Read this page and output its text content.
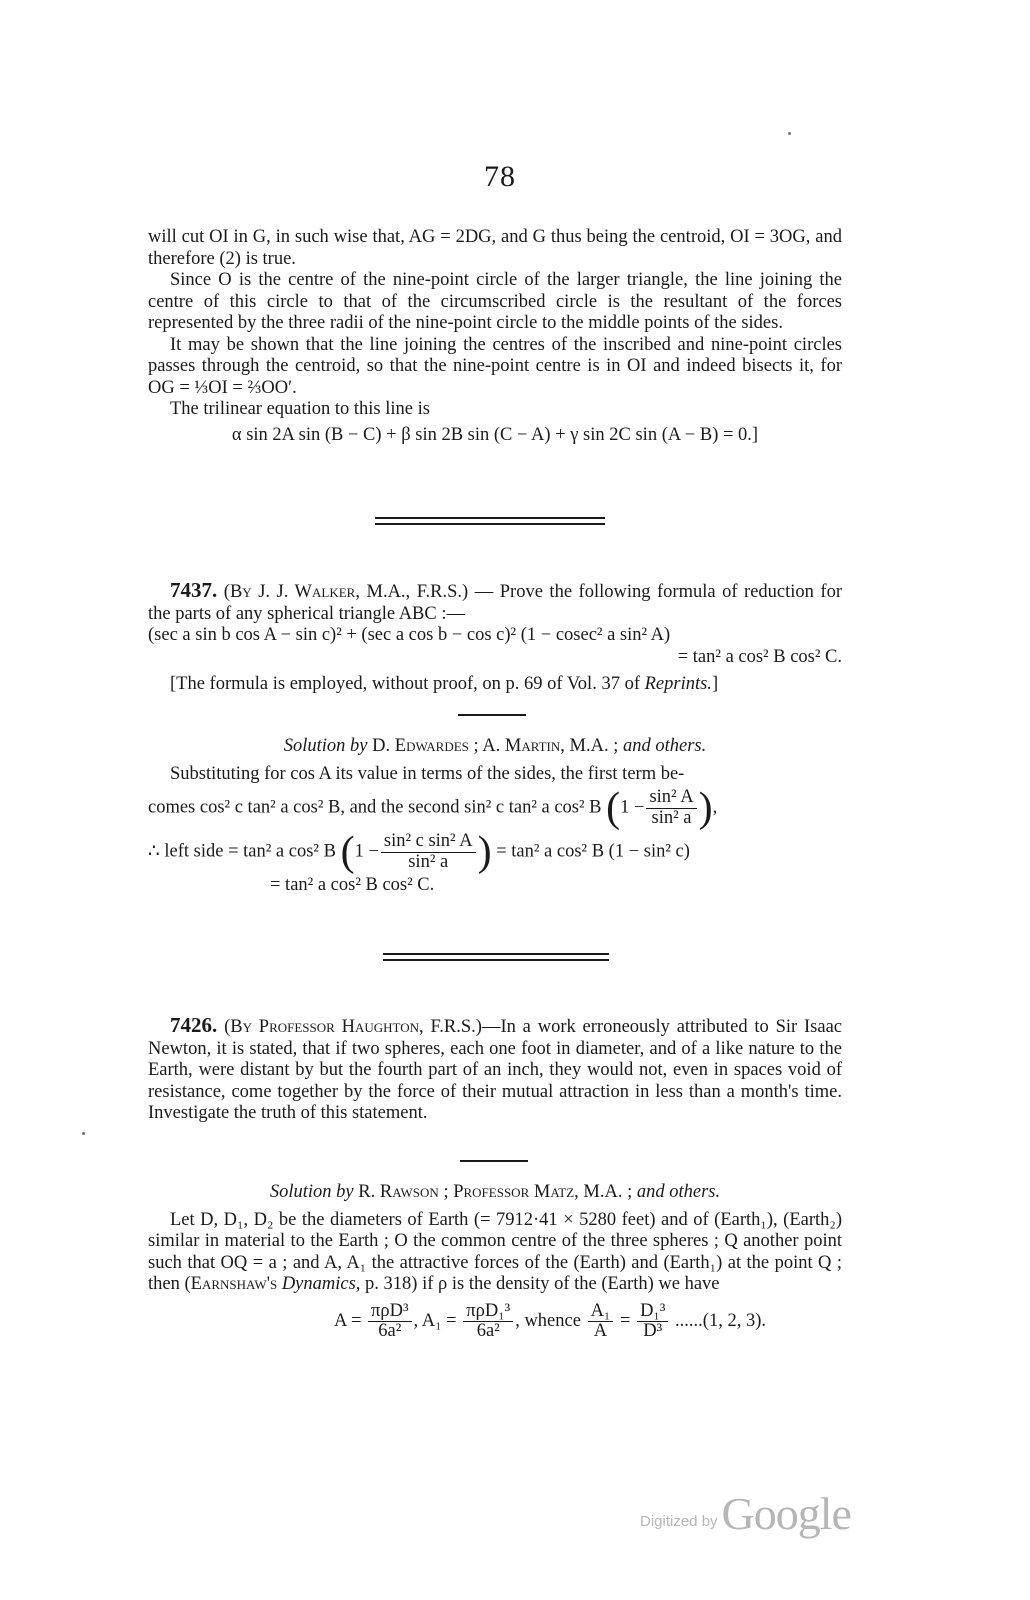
78

will cut OI in G, in such wise that, AG = 2DG, and G thus being the centroid, OI = 3OG, and therefore (2) is true.

Since O is the centre of the nine-point circle of the larger triangle, the line joining the centre of this circle to that of the circumscribed circle is the resultant of the forces represented by the three radii of the nine-point circle to the middle points of the sides.

It may be shown that the line joining the centres of the inscribed and nine-point circles passes through the centroid, so that the nine-point centre is in OI and indeed bisects it, for OG = ⅓OI = ⅔OO′.

The trilinear equation to this line is

α sin 2A sin (B − C) + β sin 2B sin (C − A) + γ sin 2C sin (A − B) = 0.]

7437. (By J. J. Walker, M.A., F.R.S.) — Prove the following formula of reduction for the parts of any spherical triangle ABC :—

(sec a sin b cos A − sin c)² + (sec a cos b − cos c)² (1 − cosec² a sin² A)

= tan² a cos² B cos² C.

[The formula is employed, without proof, on p. 69 of Vol. 37 of Reprints.]

Solution by D. Edwardes ; A. Martin, M.A. ; and others.

Substituting for cos A its value in terms of the sides, the first term be-

comes cos² c tan² a cos² B, and the second sin² c tan² a cos² B ($1 - \frac{\text{sin² A}}{\text{sin² a}}$ ),
∴ left side = tan² a cos² B ($1 - \frac{\text{sin² c sin² A}}{\text{sin² a}}$ ) = tan² a cos² B (1 − sin² c)

= tan² a cos² B cos² C.

7426. (By Professor Haughton, F.R.S.)—In a work erroneously attributed to Sir Isaac Newton, it is stated, that if two spheres, each one foot in diameter, and of a like nature to the Earth, were distant by but the fourth part of an inch, they would not, even in spaces void of resistance, come together by the force of their mutual attraction in less than a month's time. Investigate the truth of this statement.

Solution by R. Rawson ; Professor Matz, M.A. ; and others.

Let D, D₁, D₂ be the diameters of Earth (= 7912·41 × 5280 feet) and of (Earth₁), (Earth₂) similar in material to the Earth ; O the common centre of the three spheres ; Q another point such that OQ = a ; and A, A₁ the attractive forces of the (Earth) and (Earth₁) at the point Q ; then (Earnshaw's Dynamics, p. 318) if ρ is the density of the (Earth) we have

$A = \frac{\text{πρD³}}{\text{6a²}}$ , $A_1 = \frac{\text{πρD₁³}}{\text{6a²}}$ , whence $\frac{\text{A₁}}{A} = \frac{\text{D₁³}}{\text{D³}} ......(1$, 2, 3).
Digitized by Google
